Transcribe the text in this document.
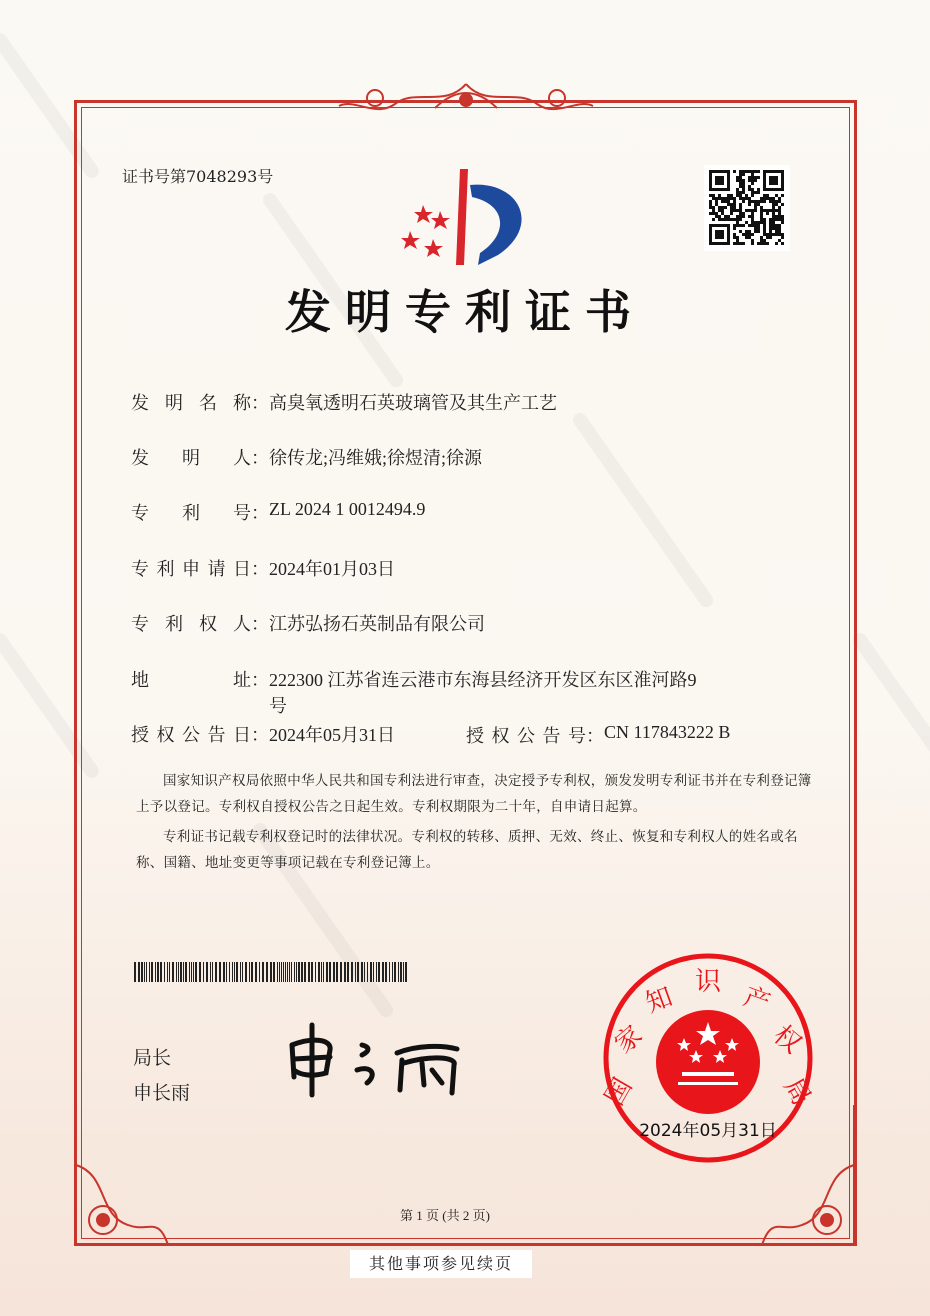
证书号第7048293号
发明专利证书
发 明 名 称 ： 高臭氧透明石英玻璃管及其生产工艺
发 明 人 ： 徐传龙;冯维娥;徐煜清;徐源
专 利 号 ： ZL 2024 1 0012494.9
专 利 申 请 日 ： 2024年01月03日
专 利 权 人 ： 江苏弘扬石英制品有限公司
地	址 ： 222300 江苏省连云港市东海县经济开发区东区淮河路9
号
授 权 公 告 日 ： 2024年05月31日	授 权 公 告 号 ： CN 117843222 B

国家知识产权局依照中华人民共和国专利法进行审查，决定授予专利权，颁发发明专利证书并在专利登记簿上予以登记。专利权自授权公告之日起生效。专利权期限为二十年，自申请日起算。

专利证书记载专利权登记时的法律状况。专利权的转移、质押、无效、终止、恢复和专利权人的姓名或名称、国籍、地址变更等事项记载在专利登记簿上。

局长
申长雨	国
家
知 识 产
权
局
2024年05月31日
第 1 页 (共 2 页)
其他事项参见续页
